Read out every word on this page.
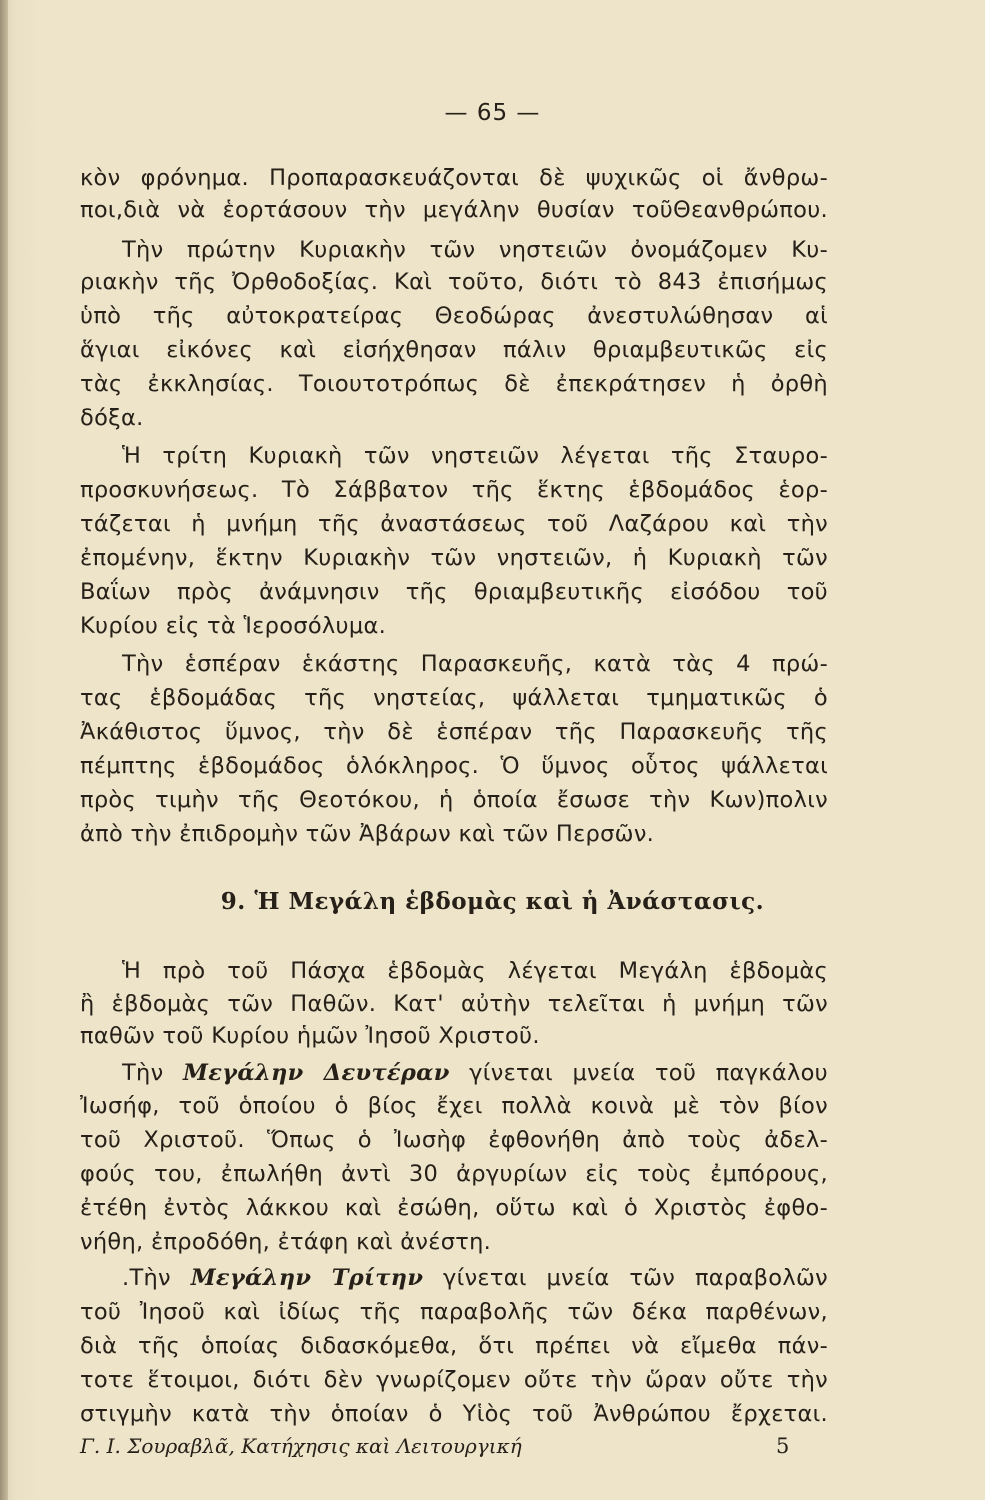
— 65 —
κὸν φρόνημα. Προπαρασκευάζονται δὲ ψυχικῶς οἱ ἄνθρω-
ποι,διὰ νὰ ἑορτάσουν τὴν μεγάλην θυσίαν τοῦΘεανθρώπου.
Τὴν πρώτην Κυριακὴν τῶν νηστειῶν ὀνομάζομεν Κυ-
ριακὴν τῆς Ὀρθοδοξίας. Καὶ τοῦτο, διότι τὸ 843 ἐπισήμως
ὑπὸ τῆς αὐτοκρατείρας Θεοδώρας ἀνεστυλώθησαν αἱ
ἅγιαι εἰκόνες καὶ εἰσήχθησαν πάλιν θριαμβευτικῶς εἰς
τὰς ἐκκλησίας. Τοιουτοτρόπως δὲ ἐπεκράτησεν ἡ ὀρθὴ
δόξα.
Ἡ τρίτη Κυριακὴ τῶν νηστειῶν λέγεται τῆς Σταυρο-
προσκυνήσεως. Τὸ Σάββατον τῆς ἕκτης ἑβδομάδος ἑορ-
τάζεται ἡ μνήμη τῆς ἀναστάσεως τοῦ Λαζάρου καὶ τὴν
ἐπομένην, ἕκτην Κυριακὴν τῶν νηστειῶν, ἡ Κυριακὴ τῶν
Βαΐων πρὸς ἀνάμνησιν τῆς θριαμβευτικῆς εἰσόδου τοῦ
Κυρίου εἰς τὰ Ἱεροσόλυμα.
Τὴν ἑσπέραν ἑκάστης Παρασκευῆς, κατὰ τὰς 4 πρώ-
τας ἑβδομάδας τῆς νηστείας, ψάλλεται τμηματικῶς ὁ
Ἀκάθιστος ὕμνος, τὴν δὲ ἑσπέραν τῆς Παρασκευῆς τῆς
πέμπτης ἑβδομάδος ὁλόκληρος. Ὁ ὕμνος οὗτος ψάλλεται
πρὸς τιμὴν τῆς Θεοτόκου, ἡ ὁποία ἔσωσε τὴν Κων)πολιν
ἀπὸ τὴν ἐπιδρομὴν τῶν Ἀβάρων καὶ τῶν Περσῶν.
9. Ἡ Μεγάλη ἑβδομὰς καὶ ἡ Ἀνάστασις.
Ἡ πρὸ τοῦ Πάσχα ἑβδομὰς λέγεται Μεγάλη ἑβδομὰς
ἢ ἑβδομὰς τῶν Παθῶν. Κατ' αὐτὴν τελεῖται ἡ μνήμη τῶν
παθῶν τοῦ Κυρίου ἡμῶν Ἰησοῦ Χριστοῦ.
Τὴν Μεγάλην Δευτέραν γίνεται μνεία τοῦ παγκάλου
Ἰωσήφ, τοῦ ὁποίου ὁ βίος ἔχει πολλὰ κοινὰ μὲ τὸν βίον
τοῦ Χριστοῦ. Ὅπως ὁ Ἰωσὴφ ἐφθονήθη ἀπὸ τοὺς ἀδελ-
φούς του, ἐπωλήθη ἀντὶ 30 ἀργυρίων εἰς τοὺς ἐμπόρους,
ἐτέθη ἐντὸς λάκκου καὶ ἐσώθη, οὕτω καὶ ὁ Χριστὸς ἐφθο-
νήθη, ἐπροδόθη, ἐτάφη καὶ ἀνέστη.
.Τὴν Μεγάλην Τρίτην γίνεται μνεία τῶν παραβολῶν
τοῦ Ἰησοῦ καὶ ἰδίως τῆς παραβολῆς τῶν δέκα παρθένων,
διὰ τῆς ὁποίας διδασκόμεθα, ὅτι πρέπει νὰ εἴμεθα πάν-
τοτε ἕτοιμοι, διότι δὲν γνωρίζομεν οὔτε τὴν ὥραν οὔτε τὴν
στιγμὴν κατὰ τὴν ὁποίαν ὁ Υἱὸς τοῦ Ἀνθρώπου ἔρχεται.
Γ. Ι. Σουραβλᾶ, Κατήχησις καὶ Λειτουργική	5
